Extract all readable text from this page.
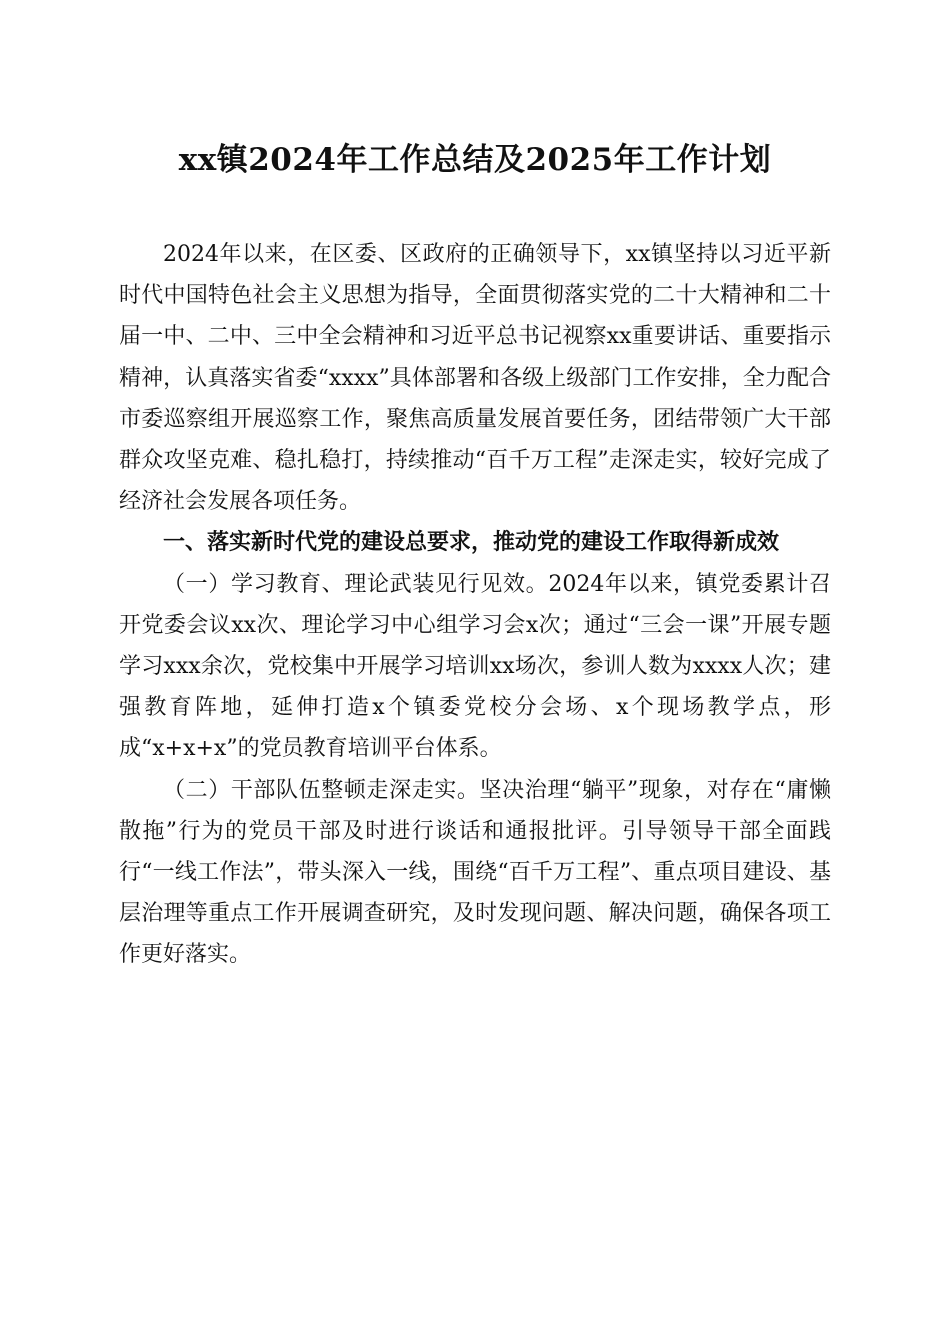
xx镇2024年工作总结及2025年工作计划

2024年以来，在区委、区政府的正确领导下，xx镇坚持以习近平新时代中国特色社会主义思想为指导，全面贯彻落实党的二十大精神和二十届一中、二中、三中全会精神和习近平总书记视察xx重要讲话、重要指示精神，认真落实省委“xxxx”具体部署和各级上级部门工作安排，全力配合市委巡察组开展巡察工作，聚焦高质量发展首要任务，团结带领广大干部群众攻坚克难、稳扎稳打，持续推动“百千万工程”走深走实，较好完成了经济社会发展各项任务。

一、落实新时代党的建设总要求，推动党的建设工作取得新成效

（一）学习教育、理论武装见行见效。2024年以来，镇党委累计召开党委会议xx次、理论学习中心组学习会x次；通过“三会一课”开展专题学习xxx余次，党校集中开展学习培训xx场次，参训人数为xxxx人次；建强教育阵地，延伸打造x个镇委党校分会场、x个现场教学点，形成“x+x+x”的党员教育培训平台体系。

（二）干部队伍整顿走深走实。坚决治理“躺平”现象，对存在“庸懒散拖”行为的党员干部及时进行谈话和通报批评。引导领导干部全面践行“一线工作法”，带头深入一线，围绕“百千万工程”、重点项目建设、基层治理等重点工作开展调查研究，及时发现问题、解决问题，确保各项工作更好落实。
